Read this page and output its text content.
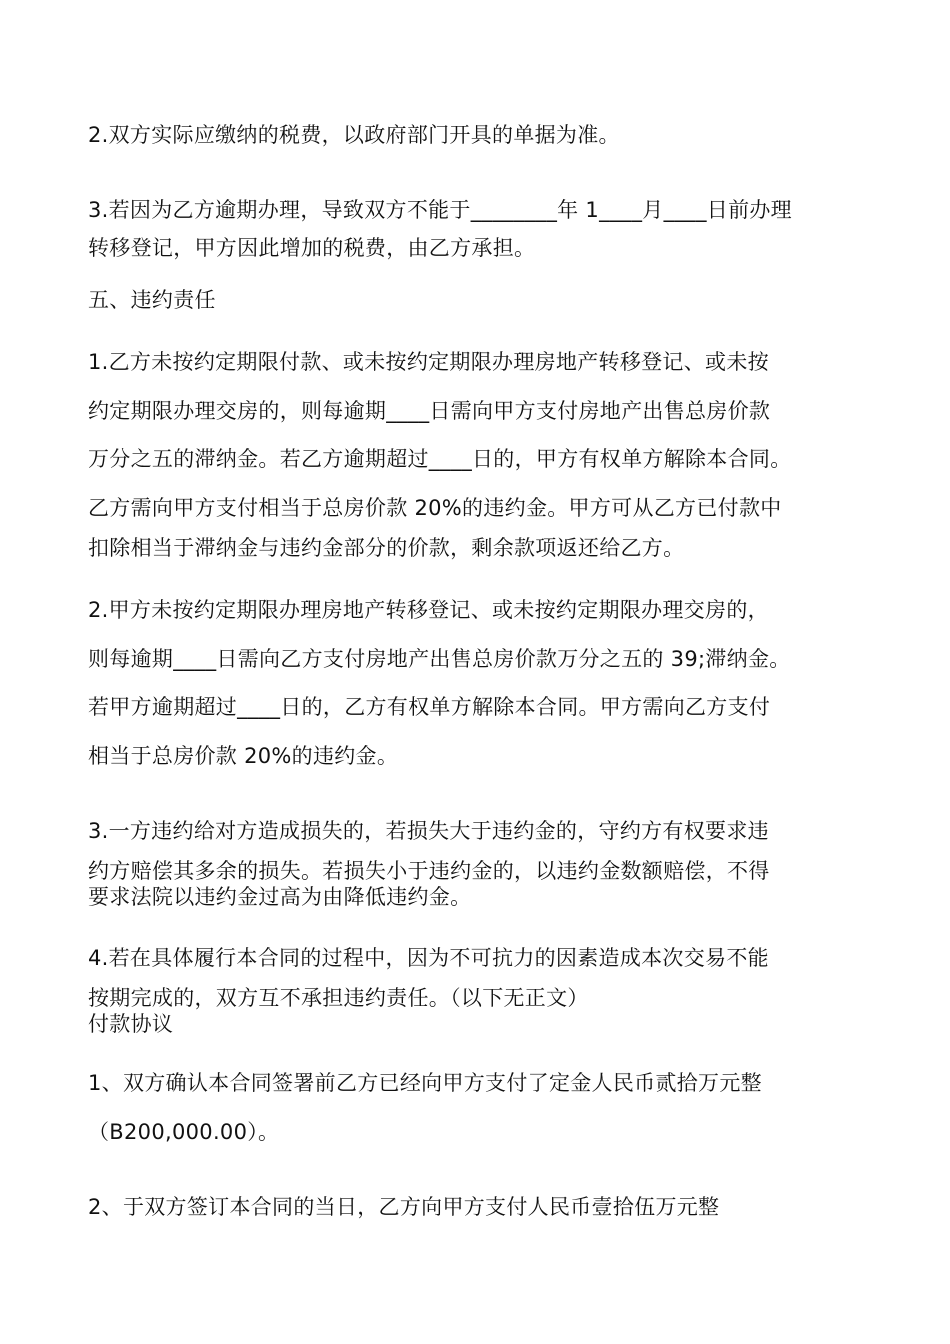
2.双方实际应缴纳的税费，以政府部门开具的单据为准。

3.若因为乙方逾期办理，导致双方不能于________年 1____月____日前办理

转移登记，甲方因此增加的税费，由乙方承担。

五、违约责任

1.乙方未按约定期限付款、或未按约定期限办理房地产转移登记、或未按

约定期限办理交房的，则每逾期____日需向甲方支付房地产出售总房价款

万分之五的滞纳金。若乙方逾期超过____日的，甲方有权单方解除本合同。

乙方需向甲方支付相当于总房价款 20%的违约金。甲方可从乙方已付款中

扣除相当于滞纳金与违约金部分的价款，剩余款项返还给乙方。

2.甲方未按约定期限办理房地产转移登记、或未按约定期限办理交房的，

则每逾期____日需向乙方支付房地产出售总房价款万分之五的 39;滞纳金。

若甲方逾期超过____日的，乙方有权单方解除本合同。甲方需向乙方支付

相当于总房价款 20%的违约金。

3.一方违约给对方造成损失的，若损失大于违约金的，守约方有权要求违

约方赔偿其多余的损失。若损失小于违约金的，以违约金数额赔偿，不得

要求法院以违约金过高为由降低违约金。

4.若在具体履行本合同的过程中，因为不可抗力的因素造成本次交易不能

按期完成的，双方互不承担违约责任。（以下无正文）

付款协议

1、双方确认本合同签署前乙方已经向甲方支付了定金人民币贰拾万元整

（B200,000.00）。

2、于双方签订本合同的当日，乙方向甲方支付人民币壹拾伍万元整
